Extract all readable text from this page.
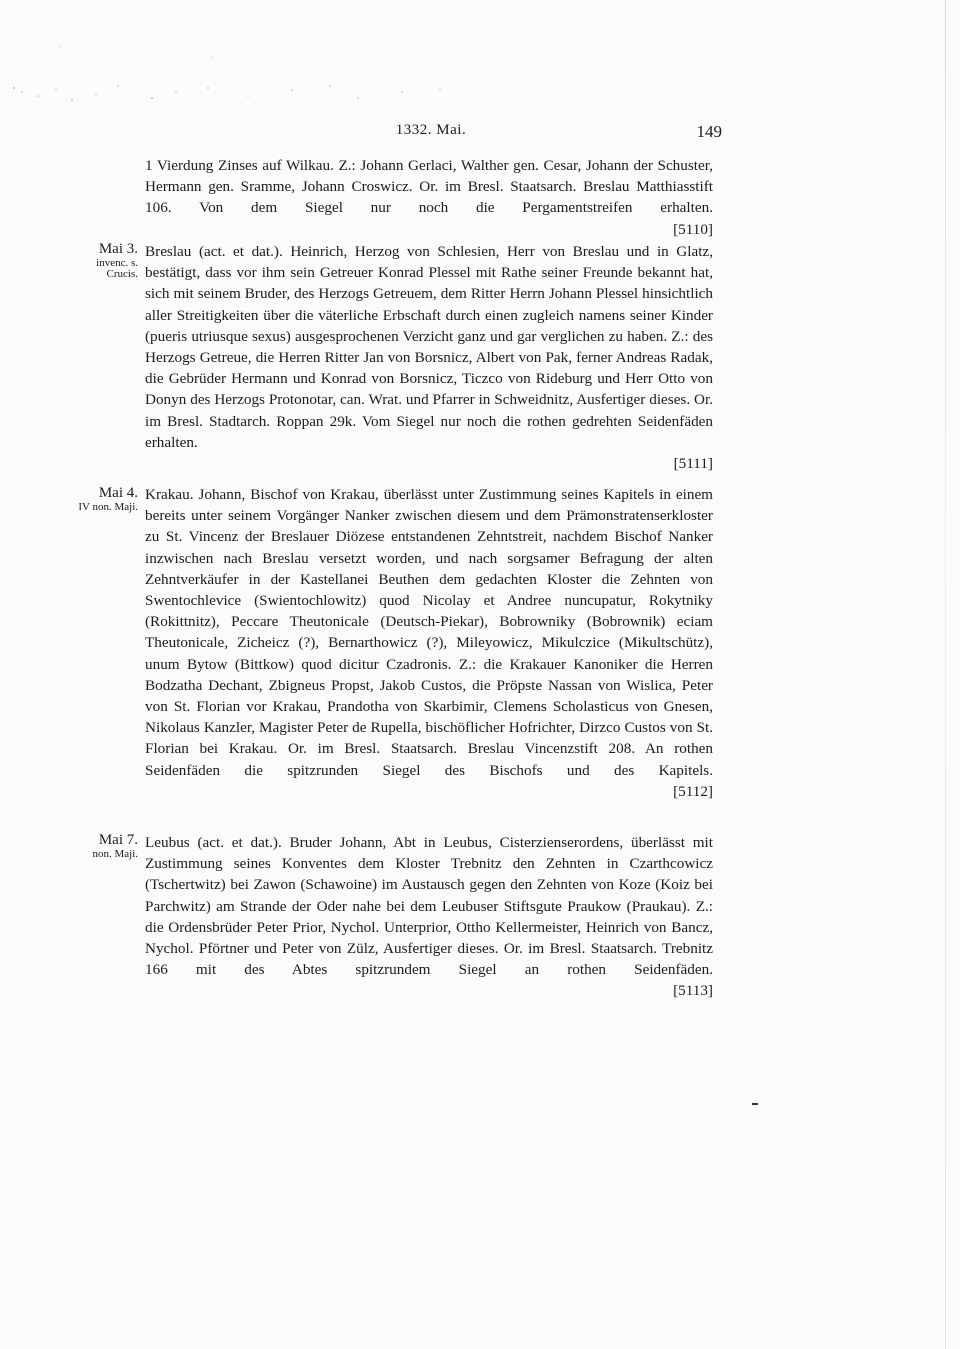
1332. Mai.	149

1 Vierdung Zinses auf Wilkau. Z.: Johann Gerlaci, Walther gen. Cesar, Johann der Schuster, Hermann gen. Sramme, Johann Croswicz. Or. im Bresl. Staatsarch. Breslau Matthiasstift 106. Von dem Siegel nur noch die Pergamentstreifen erhalten.

[5110]
Mai 3.
invenc. s. Crucis.

Breslau (act. et dat.). Heinrich, Herzog von Schlesien, Herr von Breslau und in Glatz, bestätigt, dass vor ihm sein Getreuer Konrad Plessel mit Rathe seiner Freunde bekannt hat, sich mit seinem Bruder, des Herzogs Getreuem, dem Ritter Herrn Johann Plessel hinsichtlich aller Streitigkeiten über die väterliche Erbschaft durch einen zugleich namens seiner Kinder (pueris utriusque sexus) ausgesprochenen Verzicht ganz und gar verglichen zu haben. Z.: des Herzogs Getreue, die Herren Ritter Jan von Borsnicz, Albert von Pak, ferner Andreas Radak, die Gebrüder Hermann und Konrad von Borsnicz, Ticzco von Rideburg und Herr Otto von Donyn des Herzogs Protonotar, can. Wrat. und Pfarrer in Schweidnitz, Ausfertiger dieses. Or. im Bresl. Stadtarch. Roppan 29k. Vom Siegel nur noch die rothen gedrehten Seidenfäden erhalten.

[5111]
Mai 4.
IV non. Maji.

Krakau. Johann, Bischof von Krakau, überlässt unter Zustimmung seines Kapitels in einem bereits unter seinem Vorgänger Nanker zwischen diesem und dem Prämonstratenserkloster zu St. Vincenz der Breslauer Diözese entstandenen Zehntstreit, nachdem Bischof Nanker inzwischen nach Breslau versetzt worden, und nach sorgsamer Befragung der alten Zehntverkäufer in der Kastellanei Beuthen dem gedachten Kloster die Zehnten von Swentochlevice (Swientochlowitz) quod Nicolay et Andree nuncupatur, Rokytniky (Rokittnitz), Peccare Theutonicale (Deutsch-Piekar), Bobrowniky (Bobrownik) eciam Theutonicale, Zicheicz (?), Bernarthowicz (?), Mileyowicz, Mikulczice (Mikultschütz), unum Bytow (Bittkow) quod dicitur Czadronis. Z.: die Krakauer Kanoniker die Herren Bodzatha Dechant, Zbigneus Propst, Jakob Custos, die Pröpste Nassan von Wislica, Peter von St. Florian vor Krakau, Prandotha von Skarbimir, Clemens Scholasticus von Gnesen, Nikolaus Kanzler, Magister Peter de Rupella, bischöflicher Hofrichter, Dirzco Custos von St. Florian bei Krakau. Or. im Bresl. Staatsarch. Breslau Vincenzstift 208. An rothen Seidenfäden die spitzrunden Siegel des Bischofs und des Kapitels.

[5112]
Mai 7.
non. Maji.

Leubus (act. et dat.). Bruder Johann, Abt in Leubus, Cisterzienserordens, überlässt mit Zustimmung seines Konventes dem Kloster Trebnitz den Zehnten in Czarthcowicz (Tschertwitz) bei Zawon (Schawoine) im Austausch gegen den Zehnten von Koze (Koiz bei Parchwitz) am Strande der Oder nahe bei dem Leubuser Stiftsgute Praukow (Praukau). Z.: die Ordensbrüder Peter Prior, Nychol. Unterprior, Ottho Kellermeister, Heinrich von Bancz, Nychol. Pförtner und Peter von Zülz, Ausfertiger dieses. Or. im Bresl. Staatsarch. Trebnitz 166 mit des Abtes spitzrundem Siegel an rothen Seidenfäden.

[5113]
